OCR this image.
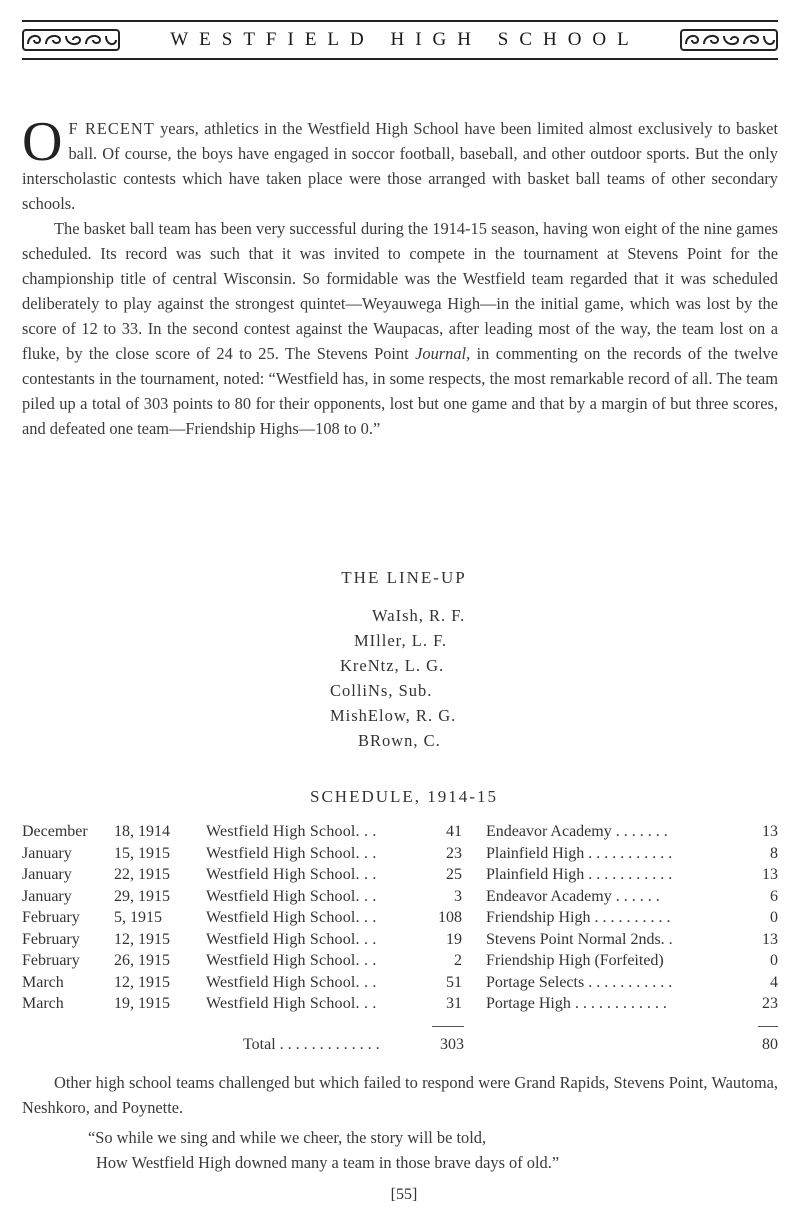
WESTFIELD HIGH SCHOOL

O F RECENT years, athletics in the Westfield High School have been limited almost exclusively to basket ball. Of course, the boys have engaged in soccor football, baseball, and other outdoor sports. But the only interscholastic contests which have taken place were those arranged with basket ball teams of other secondary schools.

The basket ball team has been very successful during the 1914-15 season, having won eight of the nine games scheduled. Its record was such that it was invited to compete in the tournament at Stevens Point for the championship title of central Wisconsin. So formidable was the Westfield team regarded that it was scheduled deliberately to play against the strongest quintet—Weyauwega High—in the initial game, which was lost by the score of 12 to 33. In the second contest against the Waupacas, after leading most of the way, the team lost on a fluke, by the close score of 24 to 25. The Stevens Point Journal, in commenting on the records of the twelve contestants in the tournament, noted: “Westfield has, in some respects, the most remarkable record of all. The team piled up a total of 303 points to 80 for their opponents, lost but one game and that by a margin of but three scores, and defeated one team—Friendship Highs—108 to 0.”

THE LINE-UP
WaIsh, R. F.
MIller, L. F.
KreNtz, L. G.
ColliNs, Sub.
MishElow, R. G.
BRown, C.
SCHEDULE, 1914-15
December 18, 1914 Westfield High School. . .	41 Endeavor Academy . . . . . . .	13
January	15, 1915 Westfield High School. . .	23 Plainfield High . . . . . . . . . . .	8
January	22, 1915 Westfield High School. . .	25 Plainfield High . . . . . . . . . . .	13
January	29, 1915 Westfield High School. . .	3 Endeavor Academy . . . . . .	6
February 5, 1915	Westfield High School. . .	108 Friendship High . . . . . . . . . .	0
February 12, 1915 Westfield High School. . .	19 Stevens Point Normal 2nds. .	13
February 26, 1915 Westfield High School. . .	2 Friendship High (Forfeited)	0
March	12, 1915 Westfield High School. . .	51 Portage Selects . . . . . . . . . . .	4
March	19, 1915 Westfield High School. . .	31 Portage High . . . . . . . . . . . .	23
Total . . . . . . . . . . . . .	303	80

Other high school teams challenged but which failed to respond were Grand Rapids, Stevens Point, Wautoma, Neshkoro, and Poynette.

“So while we sing and while we cheer, the story will be told,
How Westfield High downed many a team in those brave days of old.”
[55]
